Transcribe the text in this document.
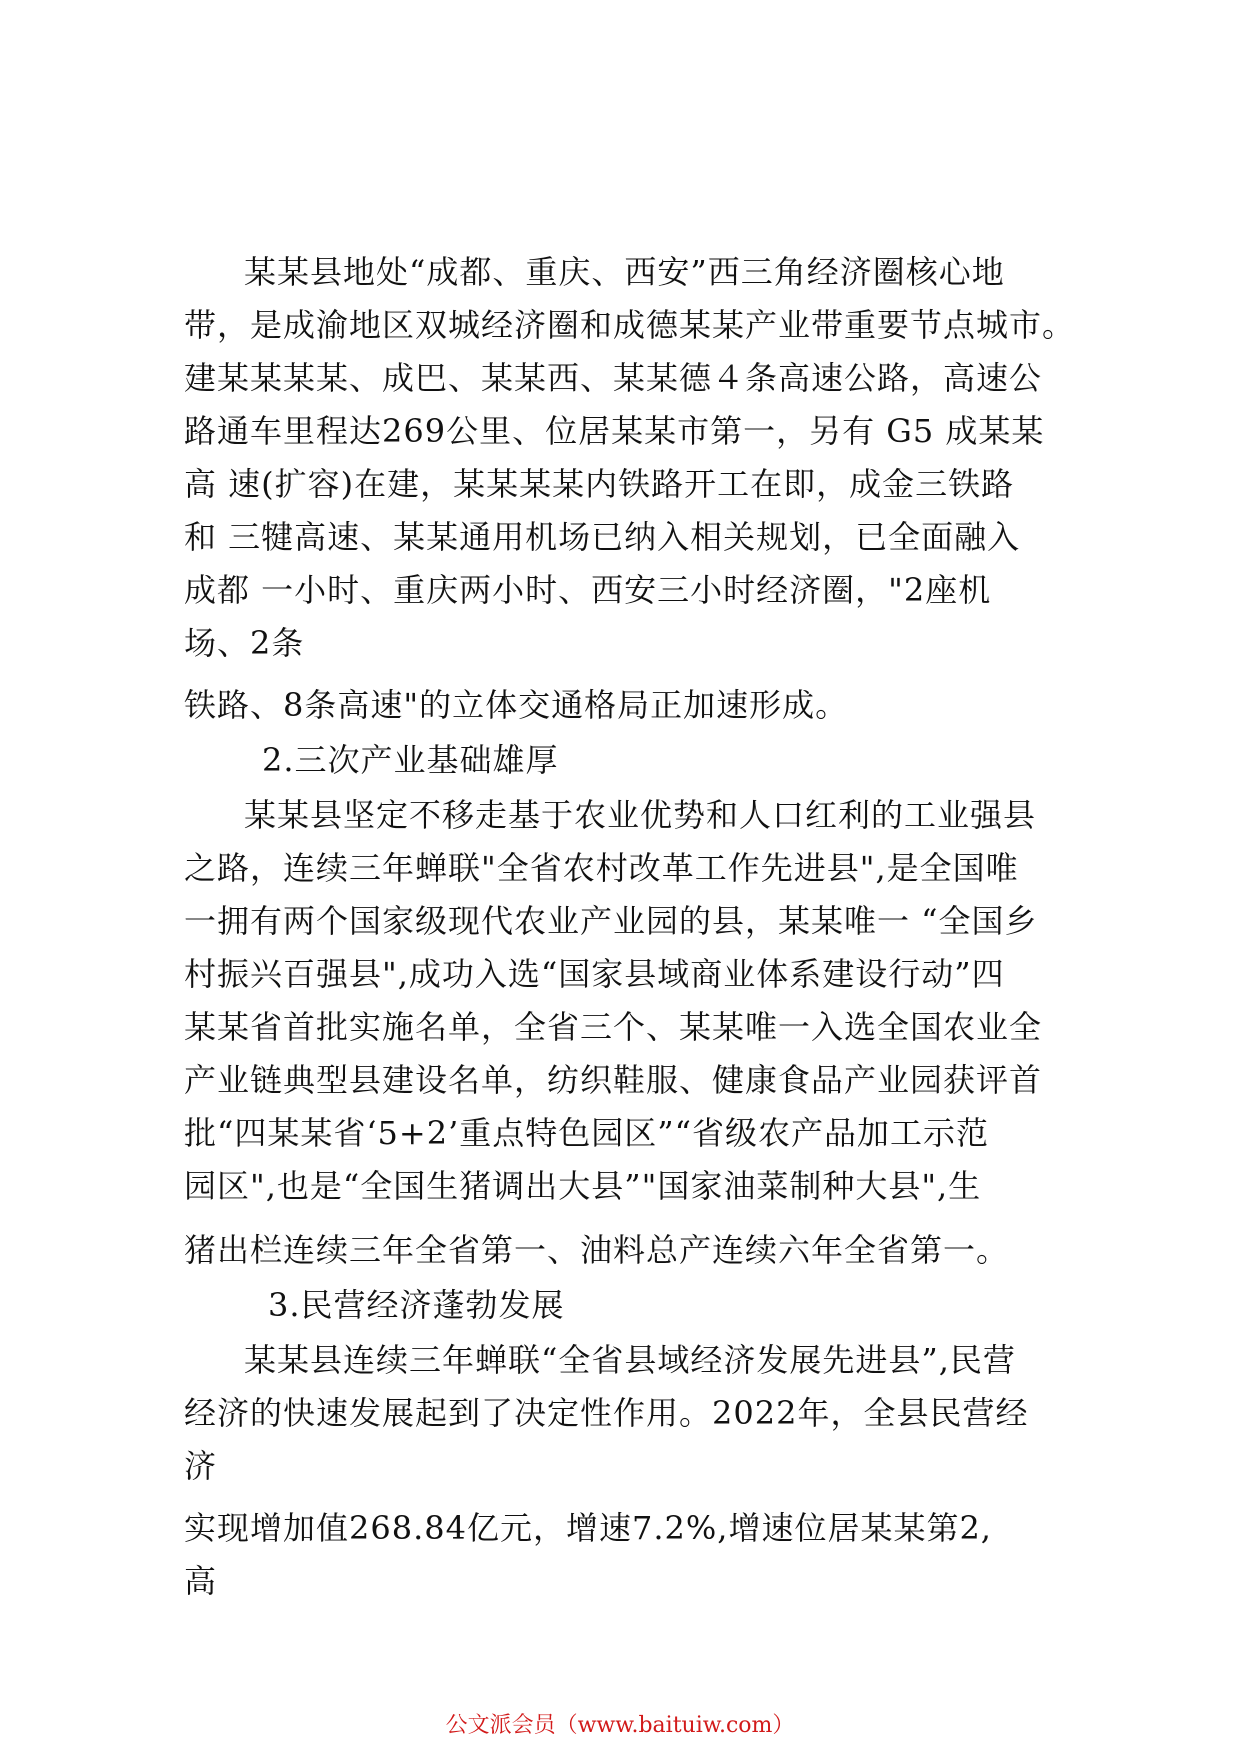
某某县地处“成都、重庆、西安”西三角经济圈核心地
带，是成渝地区双城经济圈和成德某某产业带重要节点城市。
建某某某某、成巴、某某西、某某德４条高速公路，高速公
路通车里程达269公里、位居某某市第一，另有 G5 成某某
高 速(扩容)在建，某某某某内铁路开工在即，成金三铁路
和 三犍高速、某某通用机场已纳入相关规划，已全面融入
成都 一小时、重庆两小时、西安三小时经济圈，"2座机
场、2条
铁路、8条高速"的立体交通格局正加速形成。
2.三次产业基础雄厚
某某县坚定不移走基于农业优势和人口红利的工业强县
之路，连续三年蝉联"全省农村改革工作先进县",是全国唯
一拥有两个国家级现代农业产业园的县，某某唯一 “全国乡
村振兴百强县",成功入选“国家县域商业体系建设行动”四
某某省首批实施名单，全省三个、某某唯一入选全国农业全
产业链典型县建设名单，纺织鞋服、健康食品产业园获评首
批“四某某省‘5+2’重点特色园区”“省级农产品加工示范
园区",也是“全国生猪调出大县”"国家油菜制种大县",生
猪出栏连续三年全省第一、油料总产连续六年全省第一。
3.民营经济蓬勃发展
某某县连续三年蝉联“全省县域经济发展先进县”,民营
经济的快速发展起到了决定性作用。2022年，全县民营经
济
实现增加值268.84亿元，增速7.2%,增速位居某某第2,
高
公文派会员（www.baituiw.com）
